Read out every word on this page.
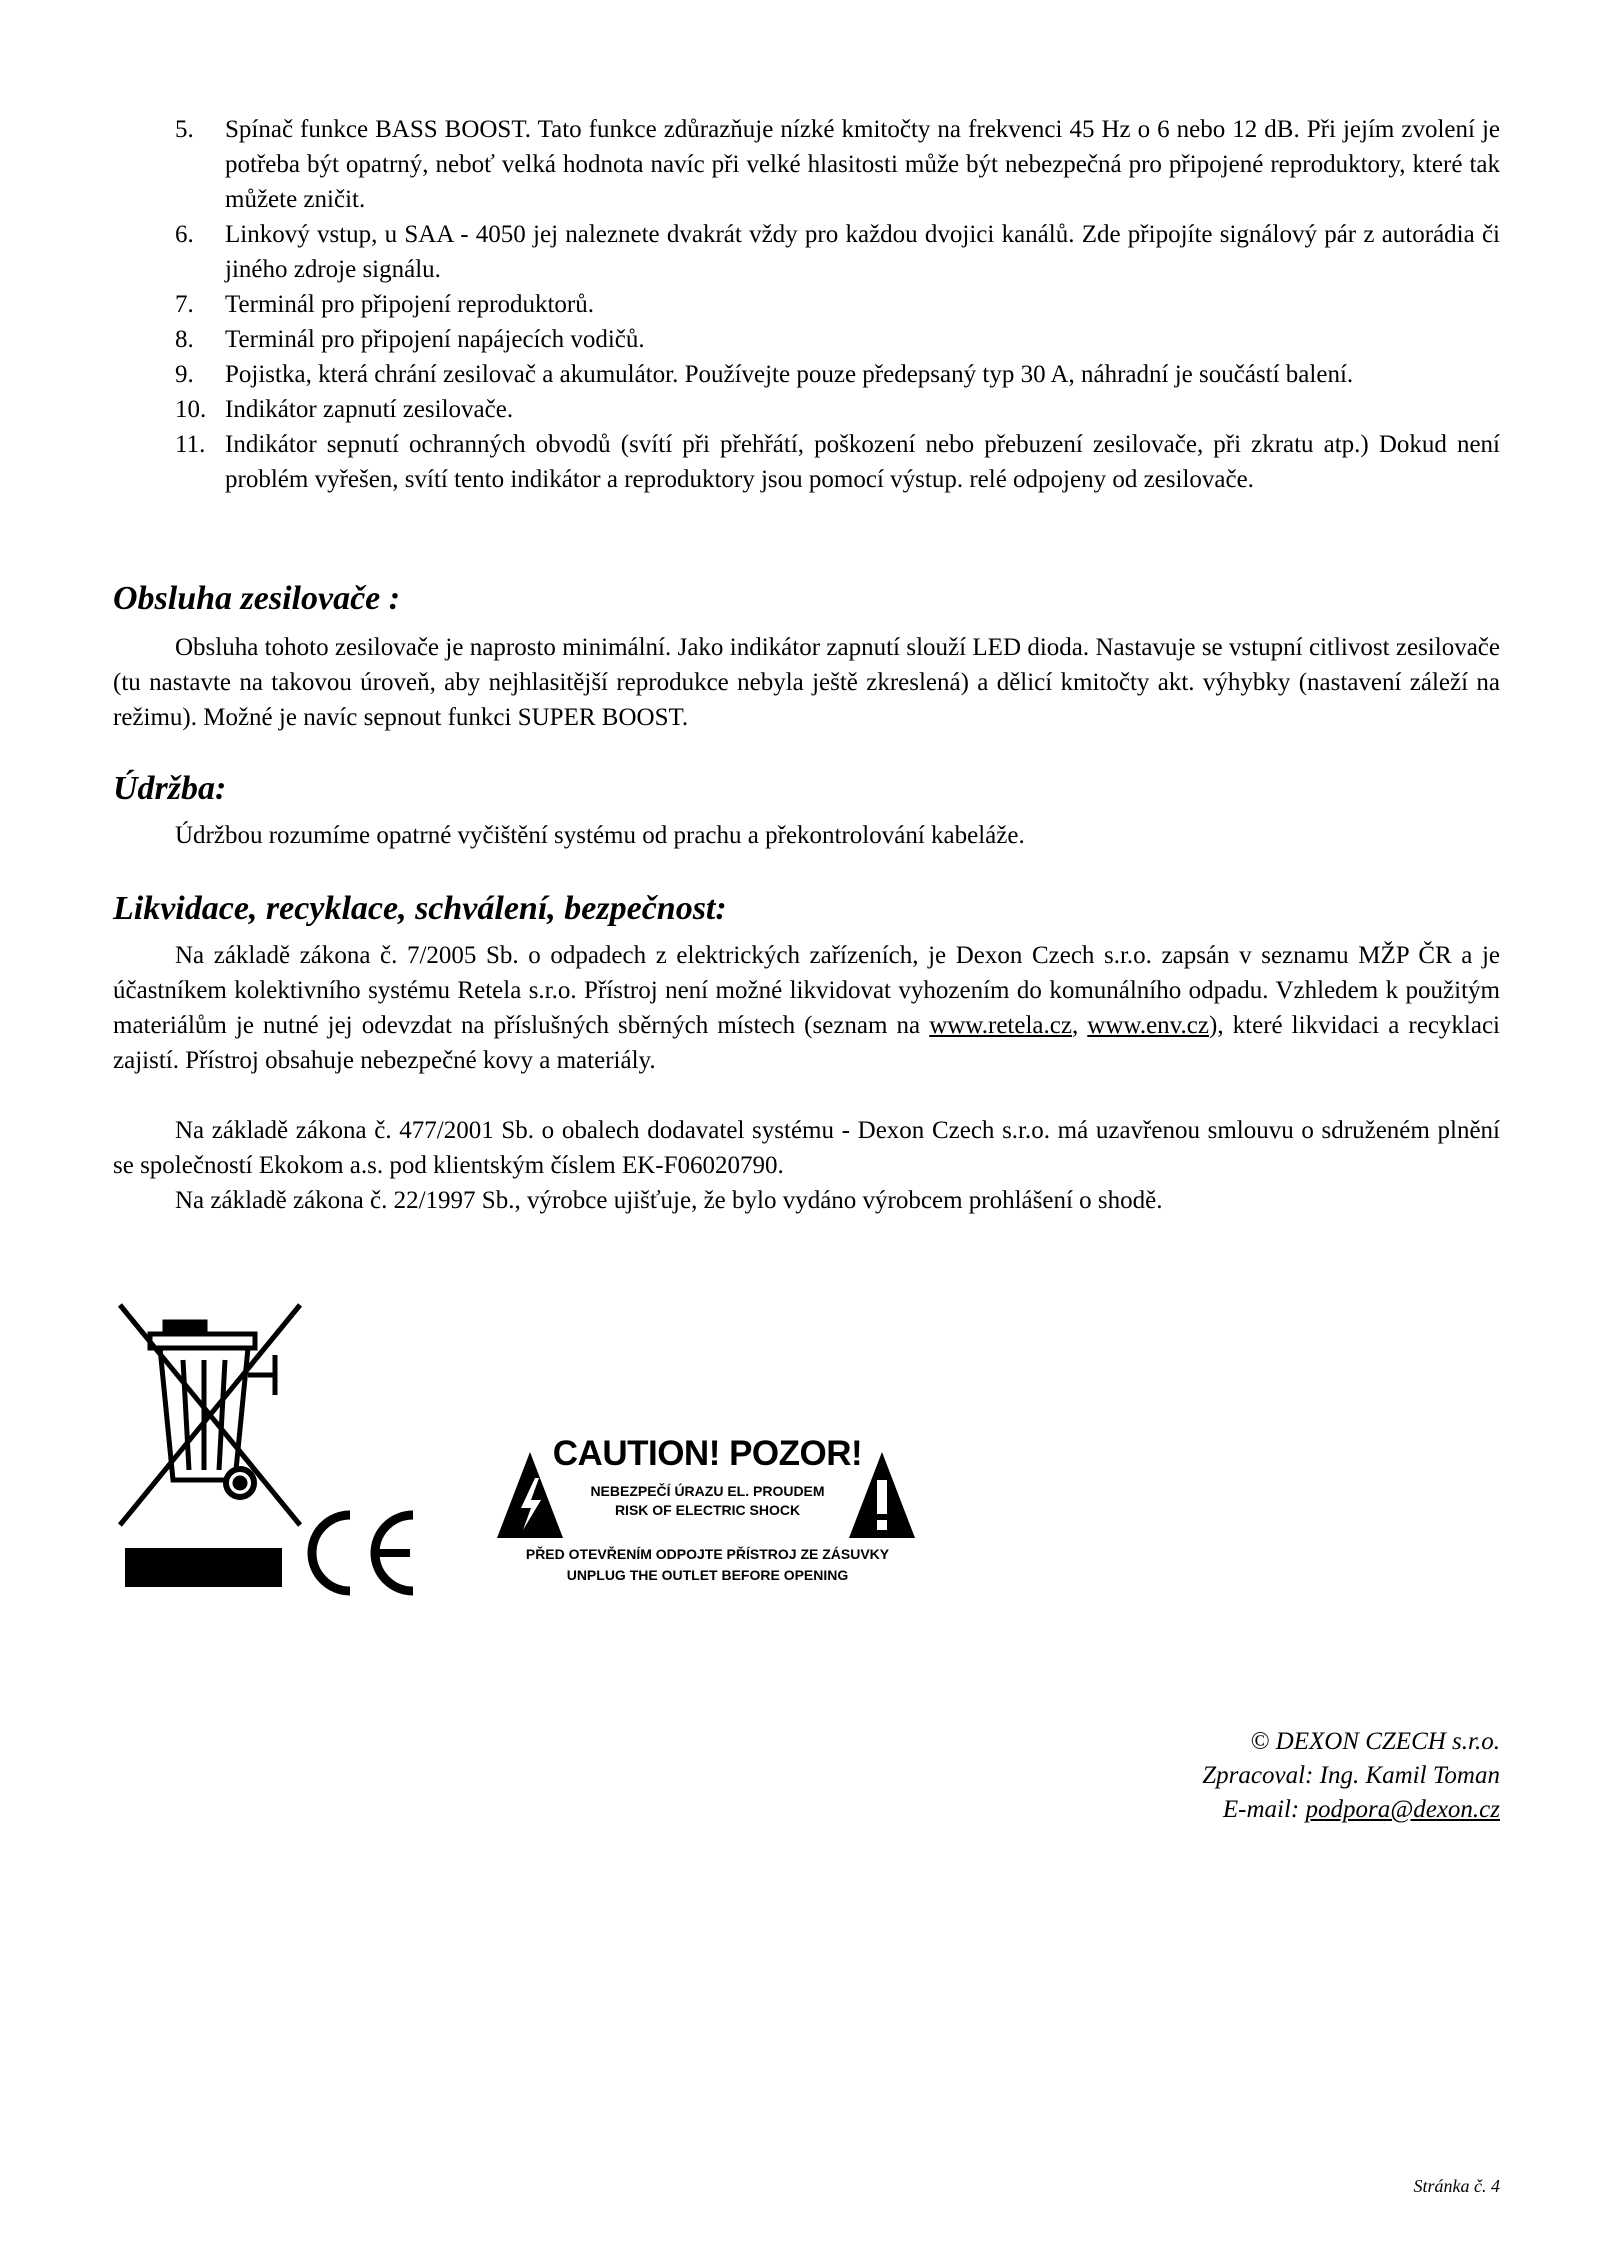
5.	Spínač funkce BASS BOOST. Tato funkce zdůrazňuje nízké kmitočty na frekvenci 45 Hz o 6 nebo 12 dB. Při jejím zvolení je potřeba být opatrný, neboť velká hodnota navíc při velké hlasitosti může být nebezpečná pro připojené reproduktory, které tak můžete zničit.
6.	Linkový vstup, u SAA - 4050 jej naleznete dvakrát vždy pro každou dvojici kanálů. Zde připojíte signálový pár z autorádia či jiného zdroje signálu.
7.	Terminál pro připojení reproduktorů.
8.	Terminál pro připojení napájecích vodičů.
9.	Pojistka, která chrání zesilovač a akumulátor. Používejte pouze předepsaný typ 30 A, náhradní je součástí balení.
10. Indikátor zapnutí zesilovače.
11. Indikátor sepnutí ochranných obvodů (svítí při přehřátí, poškození nebo přebuzení zesilovače, při zkratu atp.) Dokud není problém vyřešen, svítí tento indikátor a reproduktory jsou pomocí výstup. relé odpojeny od zesilovače.
Obsluha zesilovače :

Obsluha tohoto zesilovače je naprosto minimální. Jako indikátor zapnutí slouží LED dioda. Nastavuje se vstupní citlivost zesilovače (tu nastavte na takovou úroveň, aby nejhlasitější reprodukce nebyla ještě zkreslená) a dělicí kmitočty akt. výhybky (nastavení záleží na režimu). Možné je navíc sepnout funkci SUPER BOOST.

Údržba:

Údržbou rozumíme opatrné vyčištění systému od prachu a překontrolování kabeláže.

Likvidace, recyklace, schválení, bezpečnost:

Na základě zákona č. 7/2005 Sb. o odpadech z elektrických zařízeních, je Dexon Czech s.r.o. zapsán v seznamu MŽP ČR a je účastníkem kolektivního systému Retela s.r.o. Přístroj není možné likvidovat vyhozením do komunálního odpadu. Vzhledem k použitým materiálům je nutné jej odevzdat na příslušných sběrných místech (seznam na www.retela.cz, www.env.cz), které likvidaci a recyklaci zajistí. Přístroj obsahuje nebezpečné kovy a materiály.

Na základě zákona č. 477/2001 Sb. o obalech dodavatel systému - Dexon Czech s.r.o. má uzavřenou smlouvu o sdruženém plnění se společností Ekokom a.s. pod klientským číslem EK-F06020790.

Na základě zákona č. 22/1997 Sb., výrobce ujišťuje, že bylo vydáno výrobcem prohlášení o shodě.

CAUTION! POZOR!
NEBEZPEČÍ ÚRAZU EL. PROUDEM
RISK OF ELECTRIC SHOCK
PŘED OTEVŘENÍM ODPOJTE PŘÍSTROJ ZE ZÁSUVKY
UNPLUG THE OUTLET BEFORE OPENING
© DEXON CZECH s.r.o.
Zpracoval: Ing. Kamil Toman
E-mail: podpora@dexon.cz
Stránka č. 4
